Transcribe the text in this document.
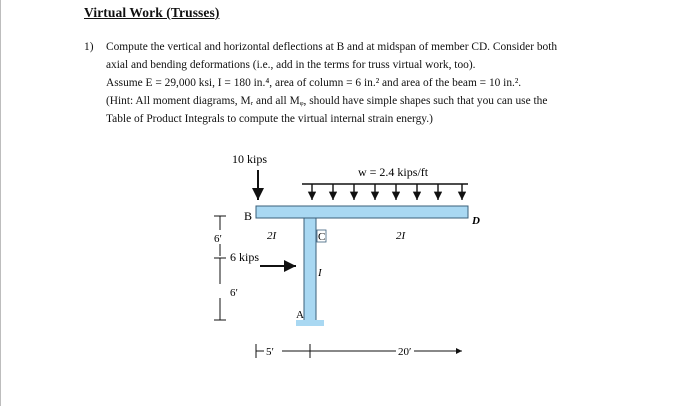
Virtual Work (Trusses)
1) Compute the vertical and horizontal deflections at B and at midspan of member CD. Consider both
axial and bending deformations (i.e., add in the terms for truss virtual work, too).
Assume E = 29,000 ksi, I = 180 in.⁴, area of column = 6 in.² and area of the beam = 10 in.².
(Hint: All moment diagrams, Mᵣ and all Mᵩ, should have simple shapes such that you can use the
Table of Product Integrals to compute the virtual internal strain energy.)
10 kips
w = 2.4 kips/ft
B
C
D
A
2I	2I
I
6′
6′
6 kips
5′	20′
